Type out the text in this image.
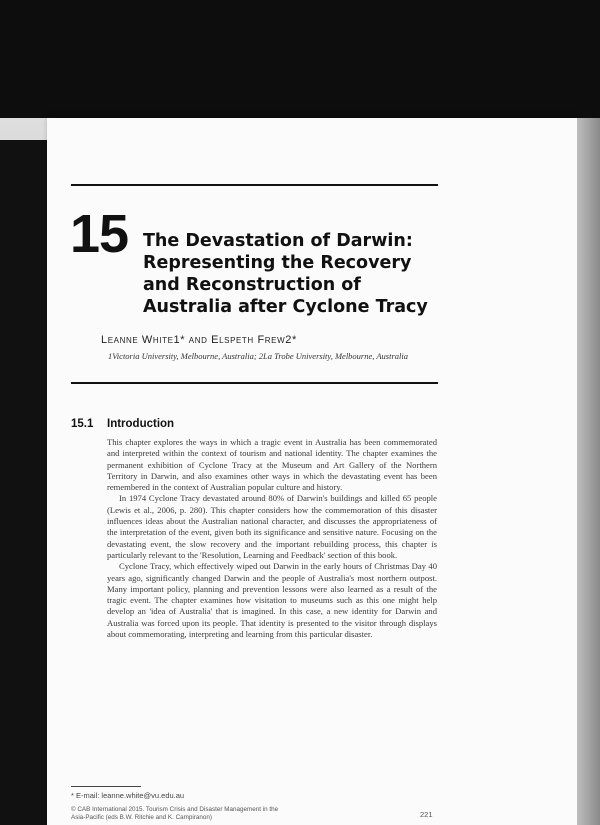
15 The Devastation of Darwin: Representing the Recovery and Reconstruction of Australia after Cyclone Tracy
Leanne White1* and Elspeth Frew2*
1Victoria University, Melbourne, Australia; 2La Trobe University, Melbourne, Australia
15.1 Introduction

This chapter explores the ways in which a tragic event in Australia has been commemorated and interpreted within the context of tourism and national identity. The chapter examines the permanent exhibition of Cyclone Tracy at the Museum and Art Gallery of the Northern Territory in Darwin, and also examines other ways in which the devastating event has been remembered in the context of Australian popular culture and history.

In 1974 Cyclone Tracy devastated around 80% of Darwin's buildings and killed 65 people (Lewis et al., 2006, p. 280). This chapter considers how the commemoration of this disaster influences ideas about the Australian national character, and discusses the appropriateness of the interpretation of the event, given both its significance and sensitive nature. Focusing on the devastating event, the slow recovery and the important rebuilding process, this chapter is particularly relevant to the 'Resolution, Learning and Feedback' section of this book.

Cyclone Tracy, which effectively wiped out Darwin in the early hours of Christmas Day 40 years ago, significantly changed Darwin and the people of Australia's most northern outpost. Many important policy, planning and prevention lessons were also learned as a result of the tragic event. The chapter examines how visitation to museums such as this one might help develop an 'idea of Australia' that is imagined. In this case, a new identity for Darwin and Australia was forced upon its people. That identity is presented to the visitor through displays about commemorating, interpreting and learning from this particular disaster.

* E-mail: leanne.white@vu.edu.au
© CAB International 2015. Tourism Crisis and Disaster Management in the Asia-Pacific (eds B.W. Ritchie and K. Campiranon)	221
